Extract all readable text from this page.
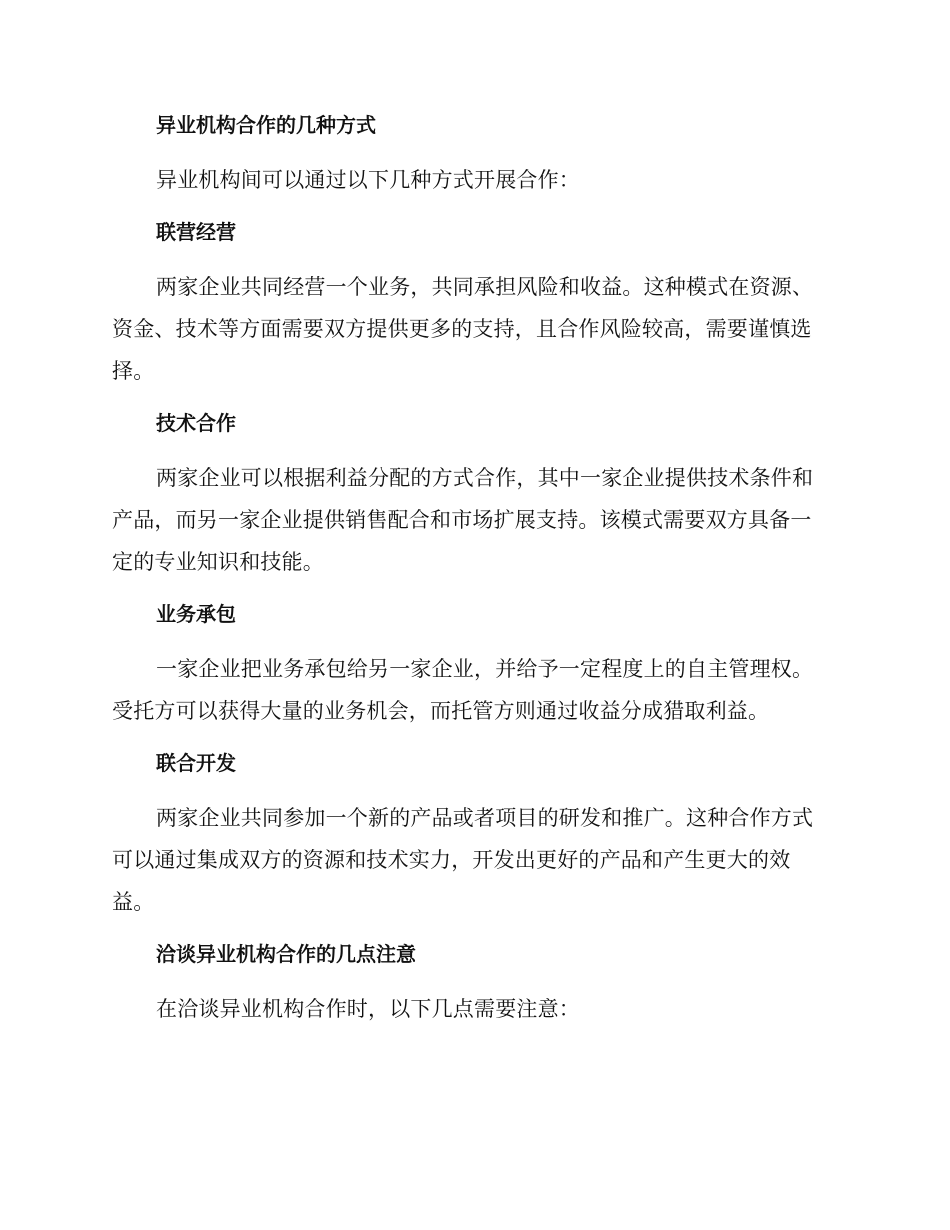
异业机构合作的几种方式

异业机构间可以通过以下几种方式开展合作：

联营经营

两家企业共同经营一个业务，共同承担风险和收益。这种模式在资源、资金、技术等方面需要双方提供更多的支持，且合作风险较高，需要谨慎选择。

技术合作

两家企业可以根据利益分配的方式合作，其中一家企业提供技术条件和产品，而另一家企业提供销售配合和市场扩展支持。该模式需要双方具备一定的专业知识和技能。

业务承包

一家企业把业务承包给另一家企业，并给予一定程度上的自主管理权。受托方可以获得大量的业务机会，而托管方则通过收益分成猎取利益。

联合开发

两家企业共同参加一个新的产品或者项目的研发和推广。这种合作方式可以通过集成双方的资源和技术实力，开发出更好的产品和产生更大的效益。

洽谈异业机构合作的几点注意

在洽谈异业机构合作时，以下几点需要注意：
